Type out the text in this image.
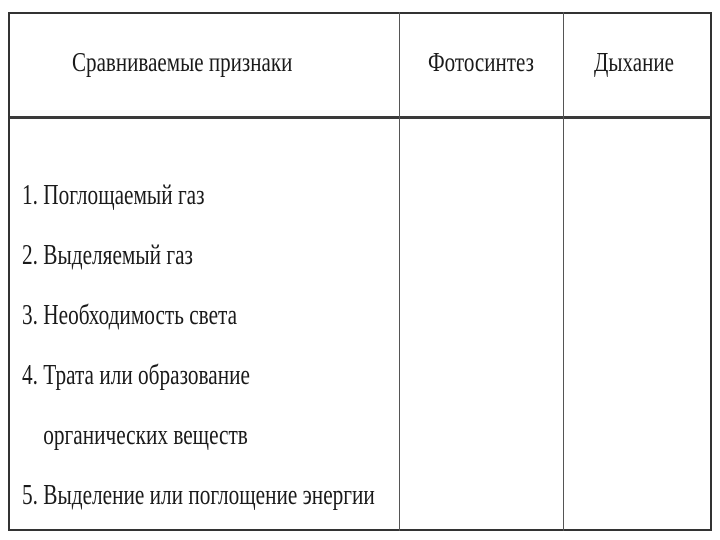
Сравниваемые признаки	Фотосинтез Дыхание
1. Поглощаемый газ
2. Выделяемый газ
3. Необходимость света
4. Трата или образование
органических веществ
5. Выделение или поглощение энергии
